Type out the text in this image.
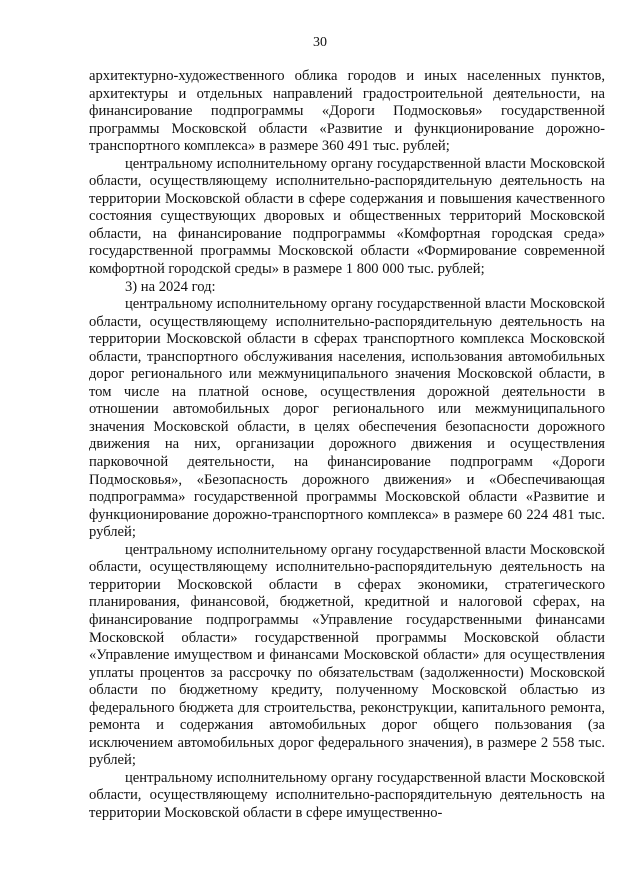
30

архитектурно-художественного облика городов и иных населенных пунктов, архитектуры и отдельных направлений градостроительной деятельности, на финансирование подпрограммы «Дороги Подмосковья» государственной программы Московской области «Развитие и функционирование дорожно-транспортного комплекса» в размере 360 491 тыс. рублей;

центральному исполнительному органу государственной власти Московской области, осуществляющему исполнительно-распорядительную деятельность на территории Московской области в сфере содержания и повышения качественного состояния существующих дворовых и общественных территорий Московской области, на финансирование подпрограммы «Комфортная городская среда» государственной программы Московской области «Формирование современной комфортной городской среды» в размере 1 800 000 тыс. рублей;

3) на 2024 год:

центральному исполнительному органу государственной власти Московской области, осуществляющему исполнительно-распорядительную деятельность на территории Московской области в сферах транспортного комплекса Московской области, транспортного обслуживания населения, использования автомобильных дорог регионального или межмуниципального значения Московской области, в том числе на платной основе, осуществления дорожной деятельности в отношении автомобильных дорог регионального или межмуниципального значения Московской области, в целях обеспечения безопасности дорожного движения на них, организации дорожного движения и осуществления парковочной деятельности, на финансирование подпрограмм «Дороги Подмосковья», «Безопасность дорожного движения» и «Обеспечивающая подпрограмма» государственной программы Московской области «Развитие и функционирование дорожно-транспортного комплекса» в размере 60 224 481 тыс. рублей;

центральному исполнительному органу государственной власти Московской области, осуществляющему исполнительно-распорядительную деятельность на территории Московской области в сферах экономики, стратегического планирования, финансовой, бюджетной, кредитной и налоговой сферах, на финансирование подпрограммы «Управление государственными финансами Московской области» государственной программы Московской области «Управление имуществом и финансами Московской области» для осуществления уплаты процентов за рассрочку по обязательствам (задолженности) Московской области по бюджетному кредиту, полученному Московской областью из федерального бюджета для строительства, реконструкции, капитального ремонта, ремонта и содержания автомобильных дорог общего пользования (за исключением автомобильных дорог федерального значения), в размере 2 558 тыс. рублей;

центральному исполнительному органу государственной власти Московской области, осуществляющему исполнительно-распорядительную деятельность на территории Московской области в сфере имущественно-
